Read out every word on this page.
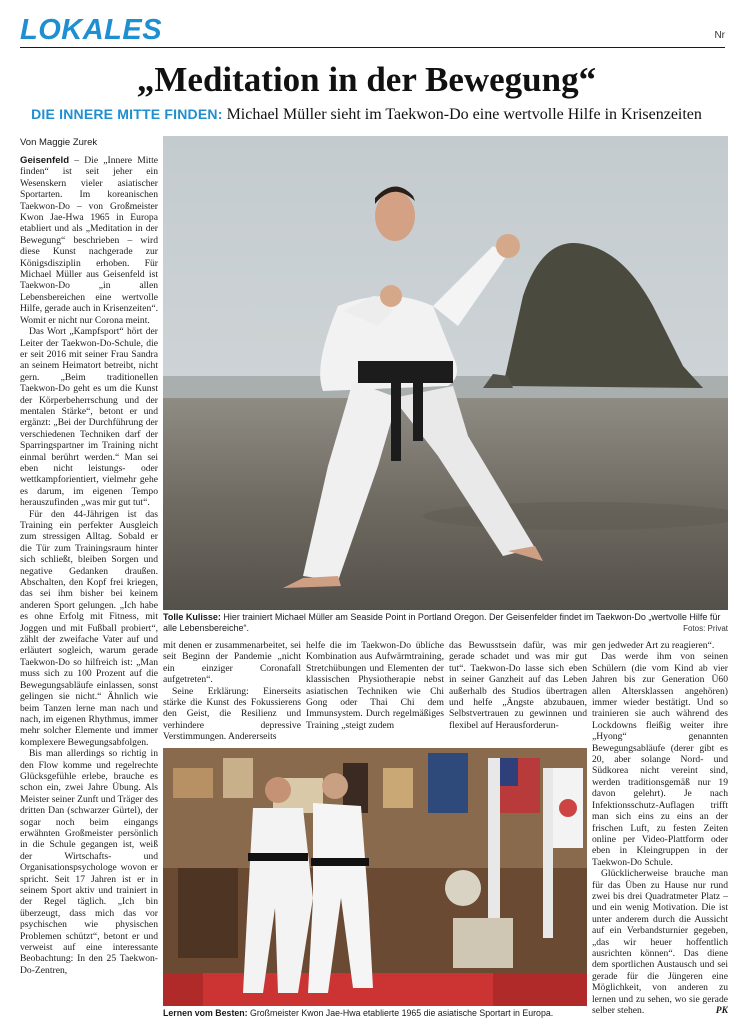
LOKALES	Nr
„Meditation in der Bewegung“
DIE INNERE MITTE FINDEN: Michael Müller sieht im Taekwon-Do eine wertvolle Hilfe in Krisenzeiten
Von Maggie Zurek

Geisenfeld – Die „Innere Mitte finden“ ist seit jeher ein Wesenskern vieler asiatischer Sportarten. Im koreanischen Taekwon-Do – von Großmeister Kwon Jae-Hwa 1965 in Europa etabliert und als „Meditation in der Bewegung“ beschrieben – wird diese Kunst nachgerade zur Königsdisziplin erhoben. Für Michael Müller aus Geisenfeld ist Taekwon-Do „in allen Lebensbereichen eine wertvolle Hilfe, gerade auch in Krisenzeiten“. Womit er nicht nur Corona meint.

Das Wort „Kampfsport“ hört der Leiter der Taekwon-Do-Schule, die er seit 2016 mit seiner Frau Sandra an seinem Heimatort betreibt, nicht gern. „Beim traditionellen Taekwon-Do geht es um die Kunst der Körperbeherrschung und der mentalen Stärke“, betont er und ergänzt: „Bei der Durchführung der verschiedenen Techniken darf der Sparringspartner im Training nicht einmal berührt werden.“ Man sei eben nicht leistungs- oder wettkampforientiert, vielmehr gehe es darum, im eigenen Tempo herauszufinden „was mir gut tut“.

Für den 44-Jährigen ist das Training ein perfekter Ausgleich zum stressigen Alltag. Sobald er die Tür zum Trainingsraum hinter sich schließt, bleiben Sorgen und negative Gedanken draußen. Abschalten, den Kopf frei kriegen, das sei ihm bisher bei keinem anderen Sport gelungen. „Ich habe es ohne Erfolg mit Fitness, mit Joggen und mit Fußball probiert“, zählt der zweifache Vater auf und erläutert sogleich, warum gerade Taekwon-Do so hilfreich ist: „Man muss sich zu 100 Prozent auf die Bewegungsabläufe einlassen, sonst gelingen sie nicht.“ Ähnlich wie beim Tanzen lerne man nach und nach, im eigenen Rhythmus, immer mehr solcher Elemente und immer komplexere Bewegungsabfolgen.

Bis man allerdings so richtig in den Flow komme und regelrechte Glücksgefühle erlebe, brauche es schon ein, zwei Jahre Übung. Als Meister seiner Zunft und Träger des dritten Dan (schwarzer Gürtel), der sogar noch beim eingangs erwähnten Großmeister persönlich in die Schule gegangen ist, weiß der Wirtschafts- und Organisationspsychologe wovon er spricht. Seit 17 Jahren ist er in seinem Sport aktiv und trainiert in der Regel täglich. „Ich bin überzeugt, dass mich das vor psychischen wie physischen Problemen schützt“, betont er und verweist auf eine interessante Beobachtung: In den 25 Taekwon-Do-Zentren,

Tolle Kulisse: Hier trainiert Michael Müller am Seaside Point in Portland Oregon. Der Geisenfelder findet im Taekwon-Do „wertvolle Hilfe für alle Lebensbereiche“.	Fotos: Privat

mit denen er zusammenarbeitet, sei seit Beginn der Pandemie „nicht ein einziger Coronafall aufgetreten“.

Seine Erklärung: Einerseits stärke die Kunst des Fokussierens den Geist, die Resilienz und verhindere depressive Verstimmungen. Andererseits

helfe die im Taekwon-Do übliche Kombination aus Aufwärmtraining, Stretchübungen und Elementen der klassischen Physiotherapie nebst asiatischen Techniken wie Chi Gong oder Thai Chi dem Immunsystem. Durch regelmäßiges Training „steigt zudem

das Bewusstsein dafür, was mir gerade schadet und was mir gut tut“. Taekwon-Do lasse sich eben in seiner Ganzheit auf das Leben außerhalb des Studios übertragen und helfe „Ängste abzubauen, Selbstvertrauen zu gewinnen und flexibel auf Herausforderun-

Lernen vom Besten: Großmeister Kwon Jae-Hwa etablierte 1965 die asiatische Sportart in Europa.

gen jedweder Art zu reagieren“.

Das werde ihm von seinen Schülern (die vom Kind ab vier Jahren bis zur Generation Ü60 allen Altersklassen angehören) immer wieder bestätigt. Und so trainieren sie auch während des Lockdowns fleißig weiter ihre „Hyong“ genannten Bewegungsabläufe (derer gibt es 20, aber solange Nord- und Südkorea nicht vereint sind, werden traditionsgemäß nur 19 davon gelehrt). Je nach Infektionsschutz-Auflagen trifft man sich eins zu eins an der frischen Luft, zu festen Zeiten online per Video-Plattform oder eben in Kleingruppen in der Taekwon-Do Schule.

Glücklicherweise brauche man für das Üben zu Hause nur rund zwei bis drei Quadratmeter Platz – und ein wenig Motivation. Die ist unter anderem durch die Aussicht auf ein Verbandsturnier gegeben, „das wir heuer hoffentlich ausrichten können“. Das diene dem sportlichen Austausch und sei gerade für die Jüngeren eine Möglichkeit, von anderen zu lernen und zu sehen, wo sie gerade selber stehen.	PK
